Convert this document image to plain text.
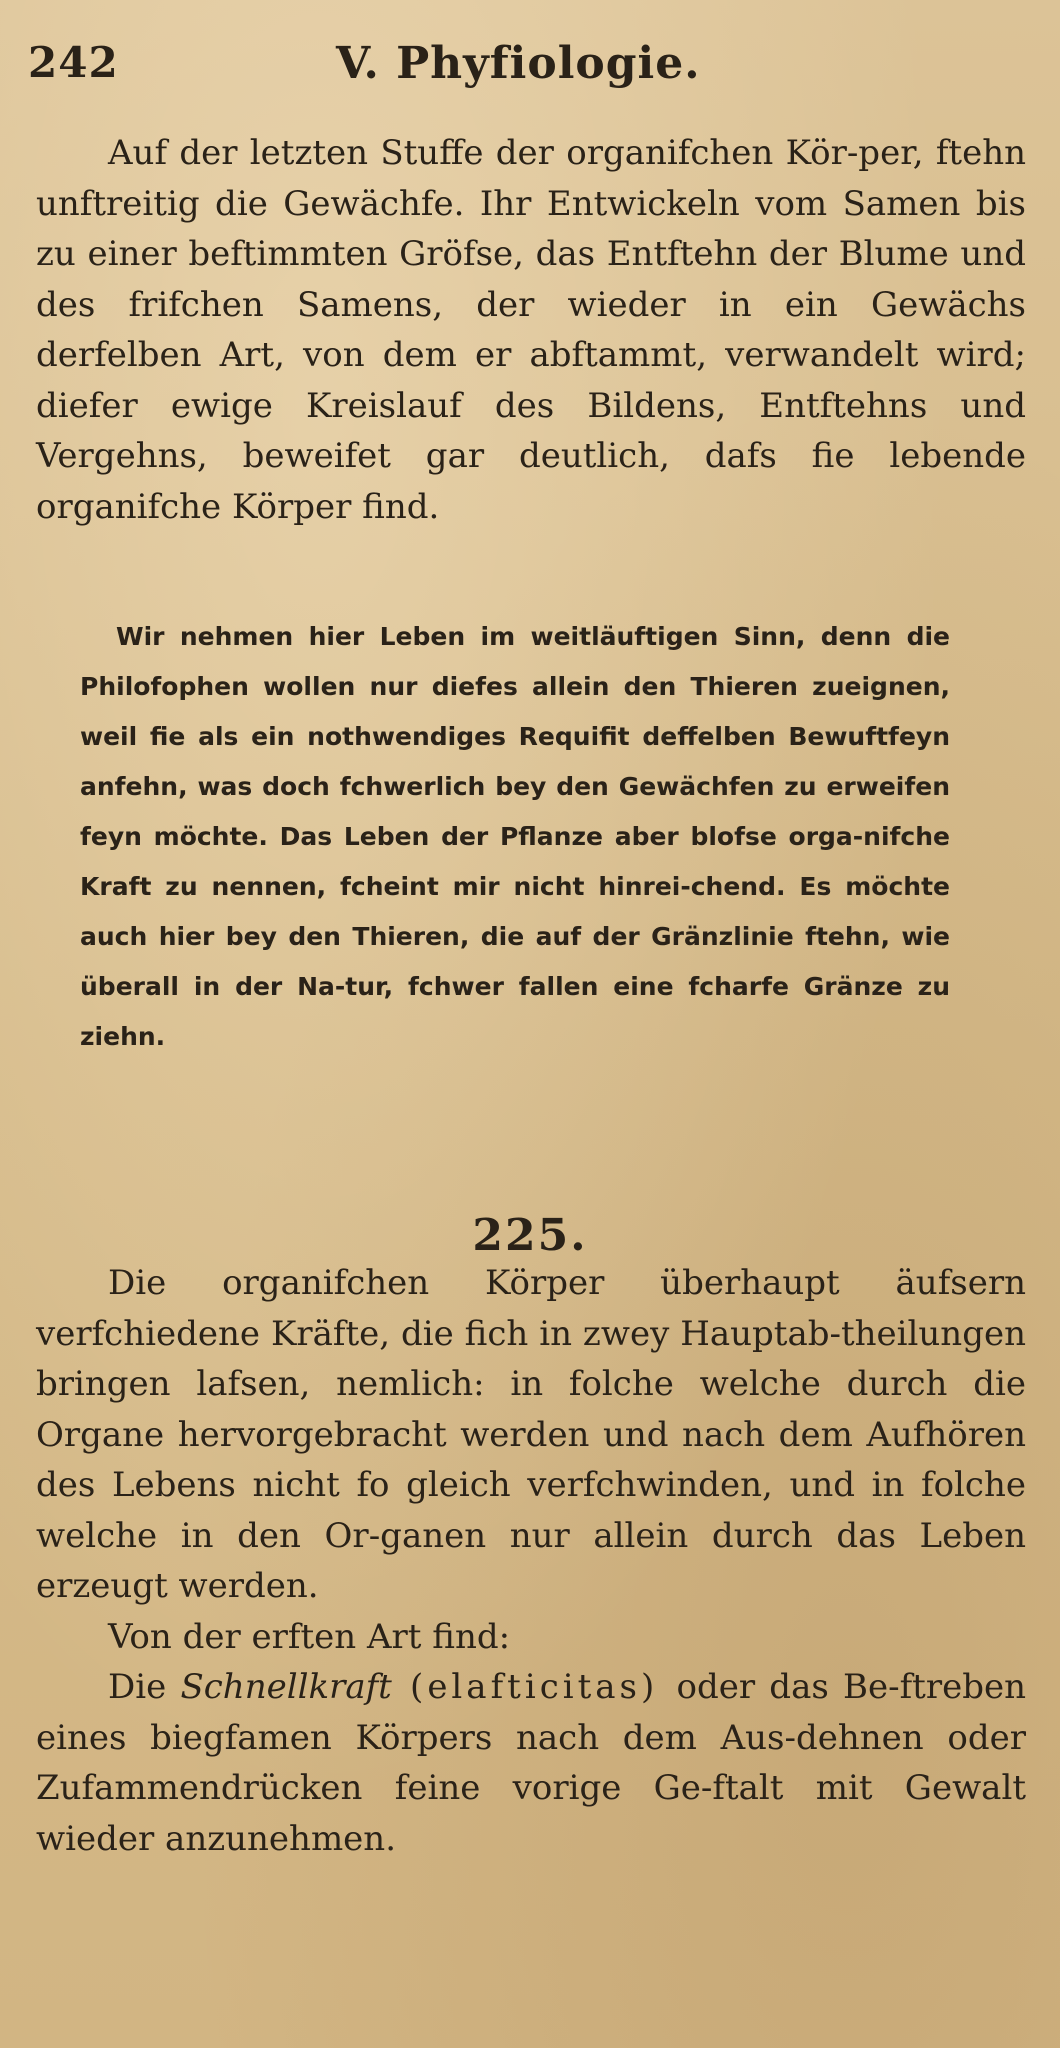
242	V. Phyfiologie.

Auf der letzten Stuffe der organifchen Kör-per, ftehn unftreitig die Gewächfe. Ihr Entwickeln vom Samen bis zu einer beftimmten Gröfse, das Entftehn der Blume und des frifchen Samens, der wieder in ein Gewächs derfelben Art, von dem er abftammt, verwandelt wird; diefer ewige Kreislauf des Bildens, Entftehns und Vergehns, beweifet gar deutlich, dafs fie lebende organifche Körper find.

Wir nehmen hier Leben im weitläuftigen Sinn, denn die Philofophen wollen nur diefes allein den Thieren zueignen, weil fie als ein nothwendiges Requifit deffelben Bewuftfeyn anfehn, was doch fchwerlich bey den Gewächfen zu erweifen feyn möchte. Das Leben der Pflanze aber blofse orga-nifche Kraft zu nennen, fcheint mir nicht hinrei-chend. Es möchte auch hier bey den Thieren, die auf der Gränzlinie ftehn, wie überall in der Na-tur, fchwer fallen eine fcharfe Gränze zu ziehn.

225.

Die organifchen Körper überhaupt äufsern verfchiedene Kräfte, die fich in zwey Hauptab-theilungen bringen lafsen, nemlich: in folche welche durch die Organe hervorgebracht werden und nach dem Aufhören des Lebens nicht fo gleich verfchwinden, und in folche welche in den Or-ganen nur allein durch das Leben erzeugt werden.

Von der erften Art find:

Die Schnellkraft (elafticitas) oder das Be-ftreben eines biegfamen Körpers nach dem Aus-dehnen oder Zufammendrücken feine vorige Ge-ftalt mit Gewalt wieder anzunehmen.
